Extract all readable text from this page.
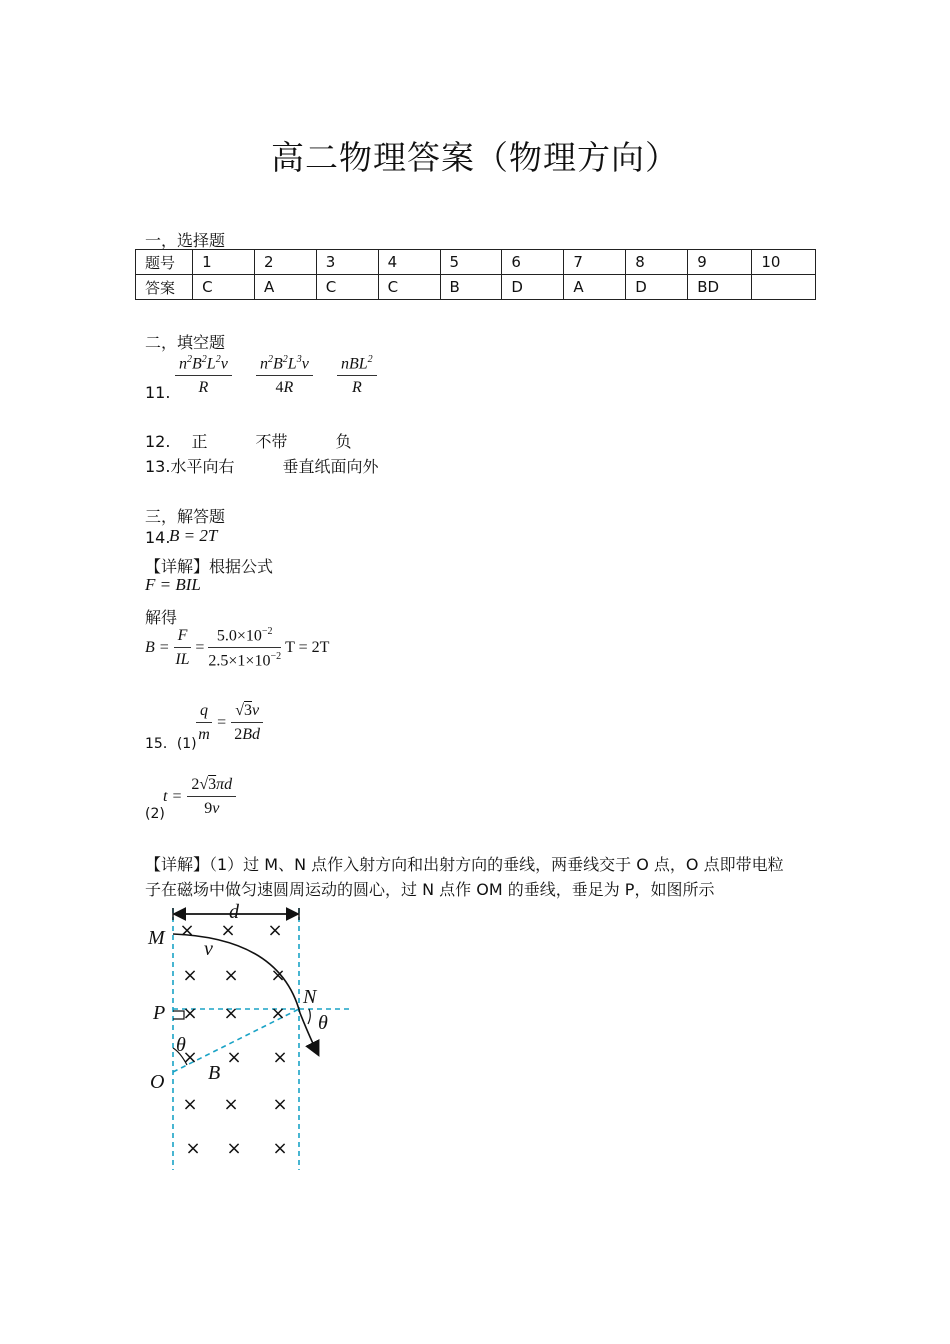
高二物理答案（物理方向）
一，选择题
题号	1	2	3	4	5	6	7	8	9	10
答案	C	A	C	C	B	D	A	D	BD	
二，填空题
11. $\frac{n^2B^2L^2v}{R} \frac{n^2B^2L^3v}{4R} \frac{nBL^2}{R}$
12.　 正　　　不带　　　负
13.水平向右　　　垂直纸面向外
三，解答题
14.
B = 2T
【详解】根据公式
F = BIL
解得
$B = \frac{F}{IL} = \frac{5.0\times 10^{-2}}{2.5\times 1\times 10^{-2}}$ T = 2T
15．$(1) \frac{q}{m} = \frac{√3v}{2Bd}$
(2)
$t = \frac{2√3\pi d}{9v}$
【详解】（1）过 M、N 点作入射方向和出射方向的垂线，两垂线交于 O 点，O 点即带电粒
子在磁场中做匀速圆周运动的圆心，过 N 点作 OM 的垂线，垂足为 P，如图所示
d
M v
P
N
θ
θ
O B
× × ×
× × ×
× × ×
× × ×
× × ×
× × ×
